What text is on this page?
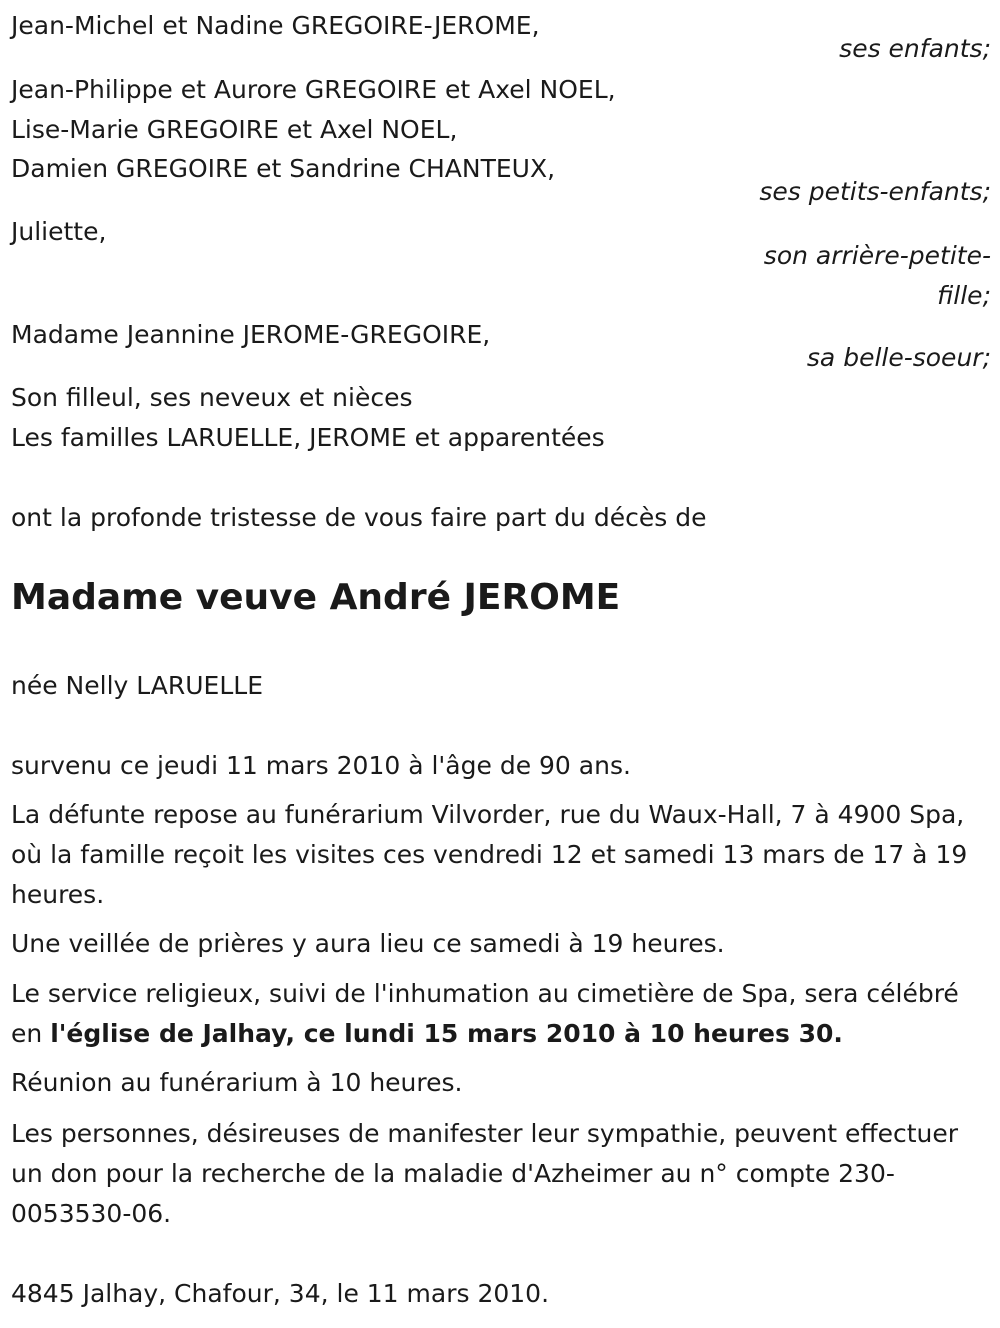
Jean-Michel et Nadine GREGOIRE-JEROME,
ses enfants;
Jean-Philippe et Aurore GREGOIRE et Axel NOEL,
Lise-Marie GREGOIRE et Axel NOEL,
Damien GREGOIRE et Sandrine CHANTEUX,
ses petits-enfants;
Juliette,
son arrière-petite-
fille;
Madame Jeannine JEROME-GREGOIRE,
sa belle-soeur;
Son filleul, ses neveux et nièces
Les familles LARUELLE, JEROME et apparentées
ont la profonde tristesse de vous faire part du décès de
Madame veuve André JEROME
née Nelly LARUELLE
survenu ce jeudi 11 mars 2010 à l'âge de 90 ans.
La défunte repose au funérarium Vilvorder, rue du Waux-Hall, 7 à 4900 Spa, où la famille reçoit les visites ces vendredi 12 et samedi 13 mars de 17 à 19 heures.
Une veillée de prières y aura lieu ce samedi à 19 heures.
Le service religieux, suivi de l'inhumation au cimetière de Spa, sera célébré en l'église de Jalhay, ce lundi 15 mars 2010 à 10 heures 30.
Réunion au funérarium à 10 heures.
Les personnes, désireuses de manifester leur sympathie, peuvent effectuer un don pour la recherche de la maladie d'Azheimer au n° compte 230-0053530-06.
4845 Jalhay, Chafour, 34, le 11 mars 2010.
